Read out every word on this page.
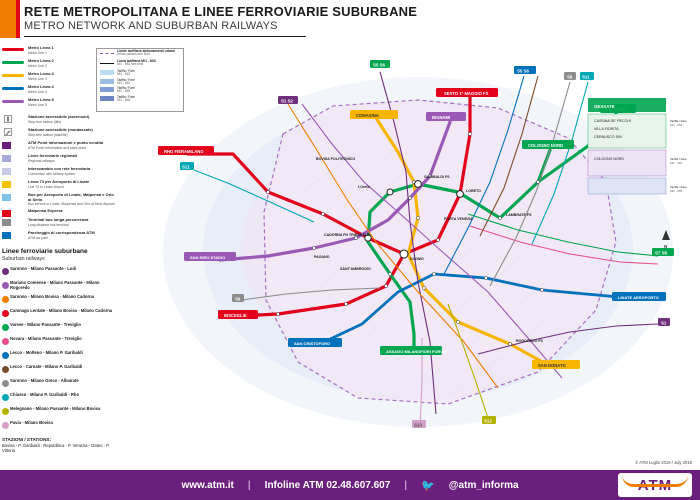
RETE METROPOLITANA E LINEE FERROVIARIE SUBURBANE
METRO NETWORK AND SUBURBAN RAILWAYS
Metro Linea 1
Metro Line 1
Metro Linea 2
Metro Line 2
Metro Linea 3
Metro Line 3
Metro Linea 4
Metro Line 4
Metro Linea 5
Metro Line 5
Stazione accessibile (ascensori)
Step-free station (lifts)
Stazione accessibile (montascale)
Step-free station (stairlifts)
ATM Point informazioni e punto vendita
ATM Point: information and sales point
Linee ferroviarie regionali
Regional railways
Interscambio con rete ferroviaria
Connection with railway system
Linea 73 per Aeroporto di Linate
Line 73 to Linate Airport
Bus per Aeroporto di Linate, Malpensa e Orio al Serio
Bus service to Linate, Malpensa and Orio al Serio Airports
Malpensa Express
Terminal bus lunga percorrenza
Long distance bus terminal
Parcheggio di corrispondenza ATM
ATM car park
Linee ferroviarie suburbane
Suburban railways
Saronno - Milano Passante - Lodi
Mariano Comense - Milano Passante - Milano Rogoredo
Saronno - Milano Bovisa - Milano Cadorna
Camnago Lentate - Milano Bovisa - Milano Cadorna
Varese - Milano Passante - Treviglio
Novara - Milano Passante - Treviglio
Lecco - Molteno - Milano P. Garibaldi
Lecco - Carnate - Milano P. Garibaldi
Saronno - Milano Greco - Albairate
Chiasso - Milano P. Garibaldi - Rho
Melegnano - Milano Passante - Milano Bovisa
Pavia - Milano Bovisa
STAZIONI / STATIONS:
Bovisa - P. Garibaldi - Repubblica - P. Venezia - Dateo - P. Vittoria
Limite tariffario abbonamenti urbani
Urban passes fare limit
Linea tariffaria Mi1 - Mi3
Mi1 - Mi3 fare limit
Tariffa / Fare
Mi1 - Mi3
Tariffa / Fare
Mi1 - Mi4
Tariffa / Fare
Mi1 - Mi5
Tariffa / Fare
Mi1 - Mi6
SESTO 1° MAGGIO FS
RHO FIERAMILANO
BISCEGLIE
COLOGNO NORD
ASSAGO MILANOFIORI FORUM
COMASINA
SAN DONATO
SAN SIRO STADIO
BIGNAMI
LINATE AEROPORTO
SAN CRISTOFORO
DUOMO
CADORNA FN TRIENNALE
LORETO
GARIBALDI FS
LOreto
LAMBRATE FS
ROGOREDO FS
PORTA VENEZIA
SANT'AMBROGIO
PAGANO
BOVISA POLITECNICO
S5 S6
S1 S2
S5 S6
S9 S11
S7 S8
S1
S12
S13
S9
S11
GESSATE
CASSINA DE' PECCHI
VILLA FIORITA
CERNUSCO S/N
COLOGNO NORD
Tariffa / Fare
Mi1 - Mi3
Tariffa / Fare
Mi1 - Mi4
Tariffa / Fare
Mi1 - Mi5
N
© ATM Luglio 2019 / July 2019
www.atm.it | Infoline ATM 02.48.607.607 | 🐦 @atm_informa	ATM
